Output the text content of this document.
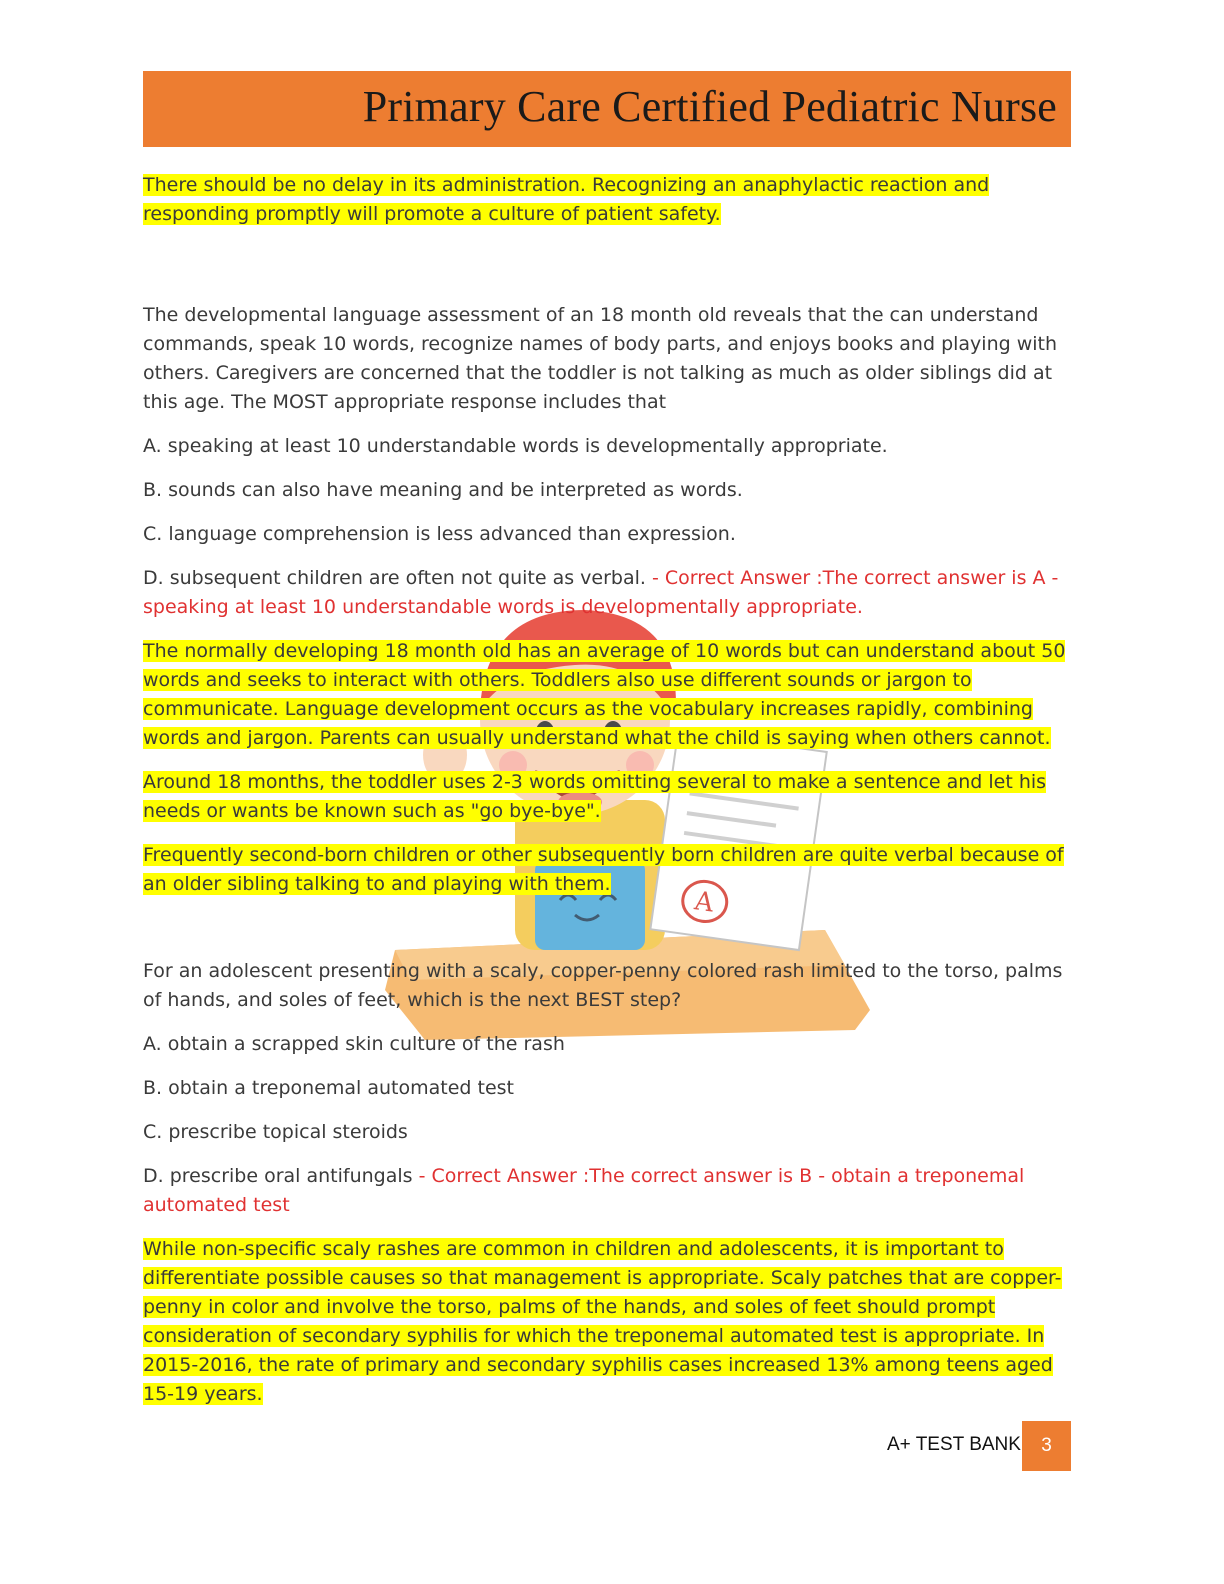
Primary Care Certified Pediatric Nurse
A

There should be no delay in its administration. Recognizing an anaphylactic reaction and responding promptly will promote a culture of patient safety.

The developmental language assessment of an 18 month old reveals that the can understand commands, speak 10 words, recognize names of body parts, and enjoys books and playing with others. Caregivers are concerned that the toddler is not talking as much as older siblings did at this age. The MOST appropriate response includes that

A. speaking at least 10 understandable words is developmentally appropriate.

B. sounds can also have meaning and be interpreted as words.

C. language comprehension is less advanced than expression.

D. subsequent children are often not quite as verbal. - Correct Answer :The correct answer is A - speaking at least 10 understandable words is developmentally appropriate.

The normally developing 18 month old has an average of 10 words but can understand about 50 words and seeks to interact with others. Toddlers also use different sounds or jargon to communicate. Language development occurs as the vocabulary increases rapidly, combining words and jargon. Parents can usually understand what the child is saying when others cannot.

Around 18 months, the toddler uses 2-3 words omitting several to make a sentence and let his needs or wants be known such as "go bye-bye".

Frequently second-born children or other subsequently born children are quite verbal because of an older sibling talking to and playing with them.

For an adolescent presenting with a scaly, copper-penny colored rash limited to the torso, palms of hands, and soles of feet, which is the next BEST step?

A. obtain a scrapped skin culture of the rash

B. obtain a treponemal automated test

C. prescribe topical steroids

D. prescribe oral antifungals - Correct Answer :The correct answer is B - obtain a treponemal automated test

While non-specific scaly rashes are common in children and adolescents, it is important to differentiate possible causes so that management is appropriate. Scaly patches that are copper-penny in color and involve the torso, palms of the hands, and soles of feet should prompt consideration of secondary syphilis for which the treponemal automated test is appropriate. In 2015-2016, the rate of primary and secondary syphilis cases increased 13% among teens aged 15-19 years.

A+ TEST BANK	3
